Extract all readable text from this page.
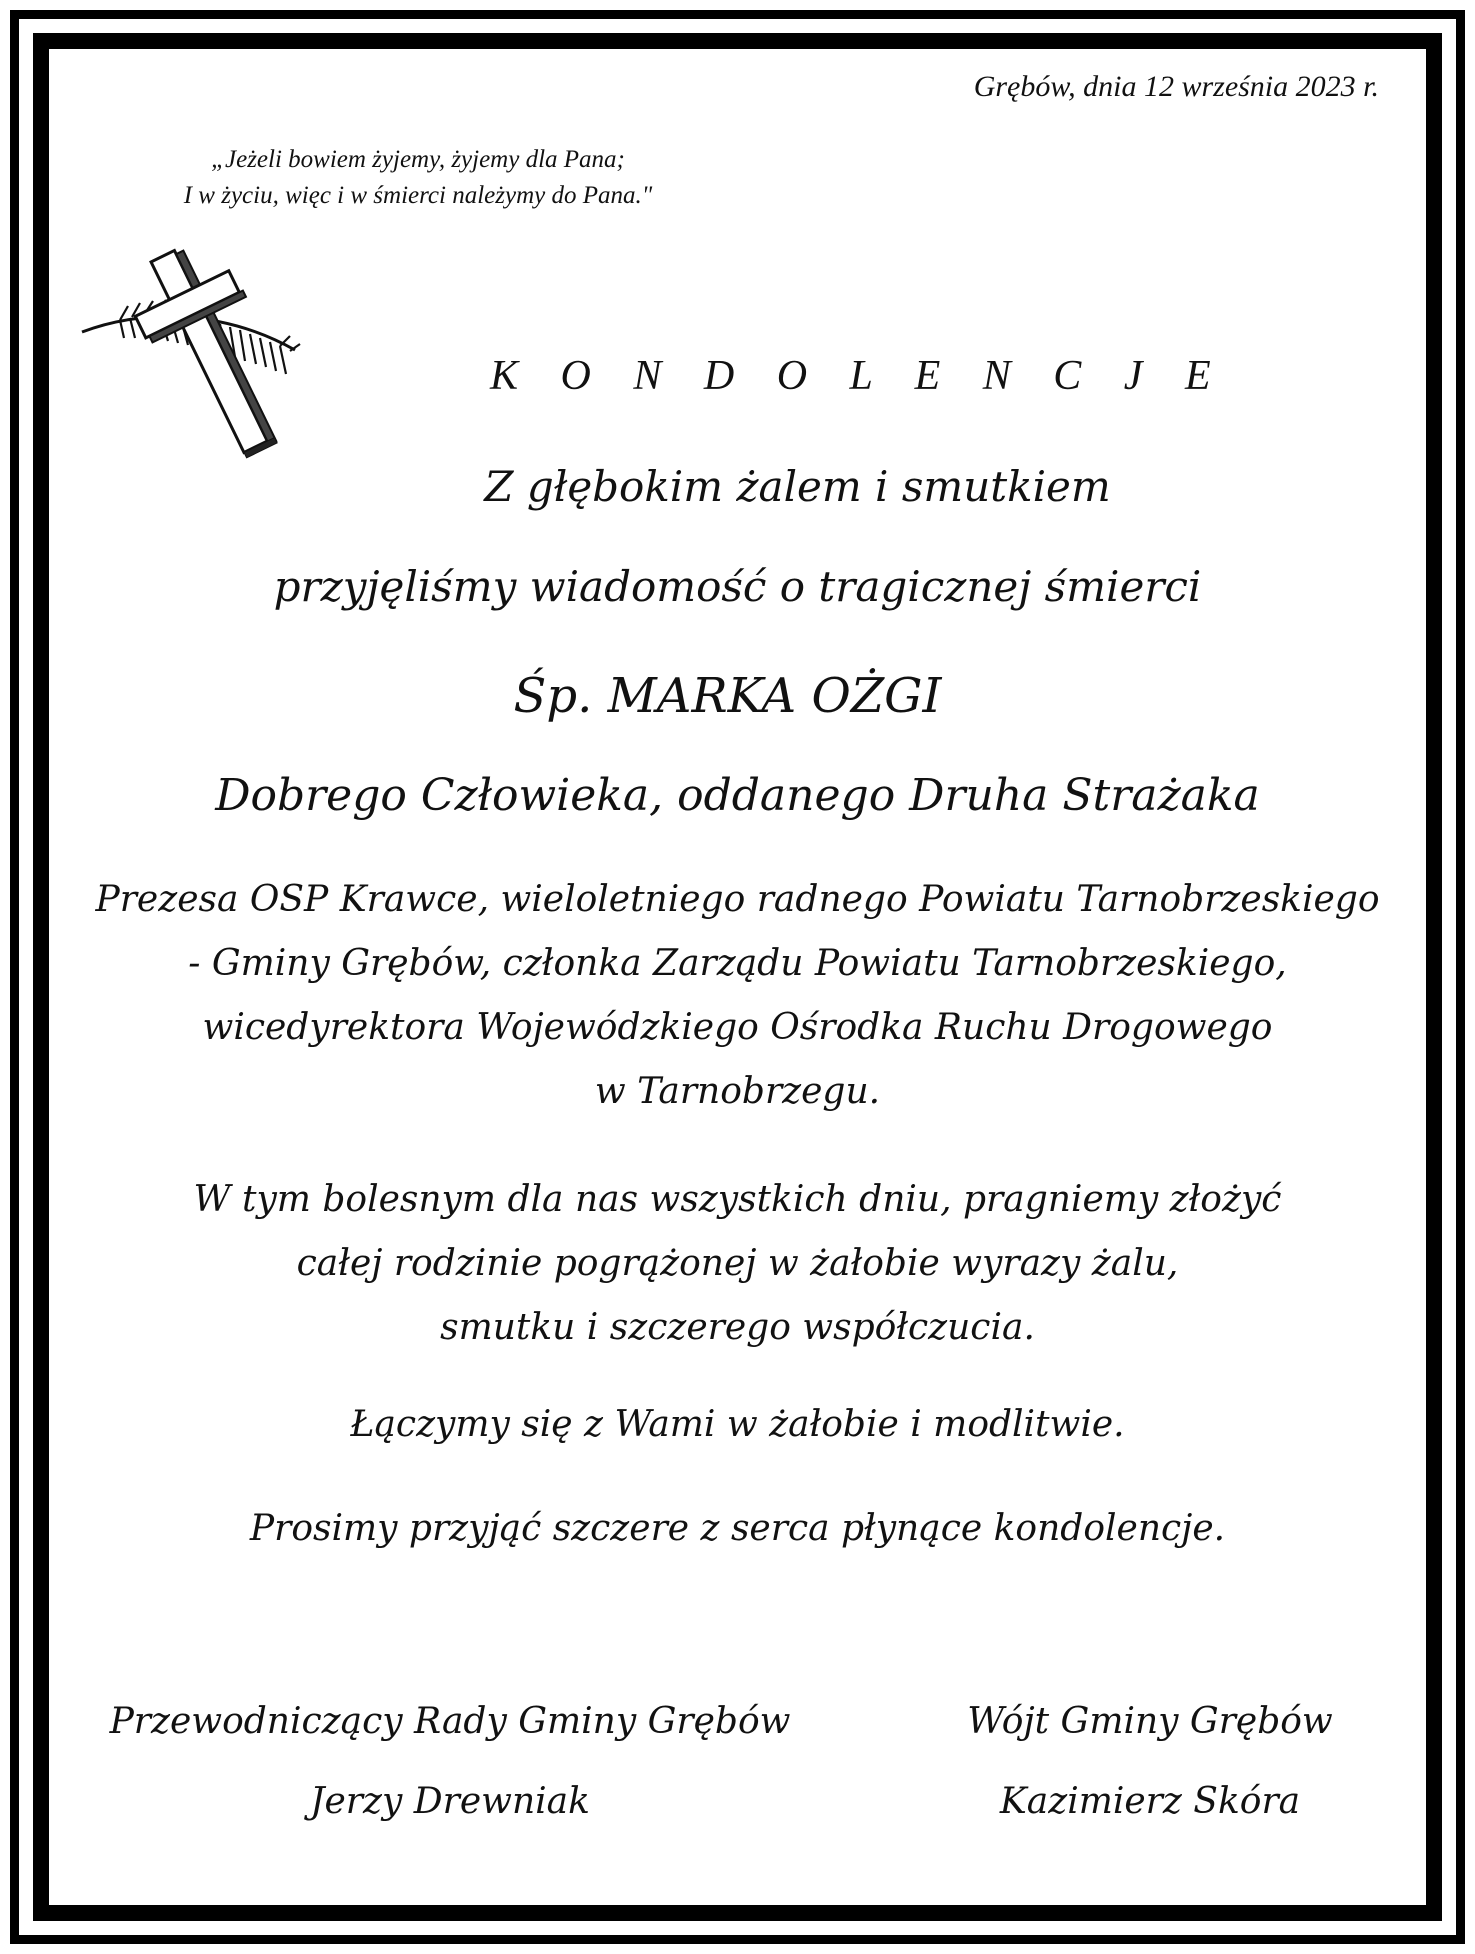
Grębów, dnia 12 września 2023 r.
„Jeżeli bowiem żyjemy, żyjemy dla Pana;
I w życiu, więc i w śmierci należymy do Pana."
K O N D O L E N C J E
Z głębokim żalem i smutkiem
przyjęliśmy wiadomość o tragicznej śmierci
Śp. MARKA OŻGI
Dobrego Człowieka, oddanego Druha Strażaka
Prezesa OSP Krawce, wieloletniego radnego Powiatu Tarnobrzeskiego
- Gminy Grębów, członka Zarządu Powiatu Tarnobrzeskiego,
wicedyrektora Wojewódzkiego Ośrodka Ruchu Drogowego
w Tarnobrzegu.
W tym bolesnym dla nas wszystkich dniu, pragniemy złożyć
całej rodzinie pogrążonej w żałobie wyrazy żalu,
smutku i szczerego współczucia.
Łączymy się z Wami w żałobie i modlitwie.
Prosimy przyjąć szczere z serca płynące kondolencje.
Przewodniczący Rady Gminy Grębów
Jerzy Drewniak
Wójt Gminy Grębów
Kazimierz Skóra
